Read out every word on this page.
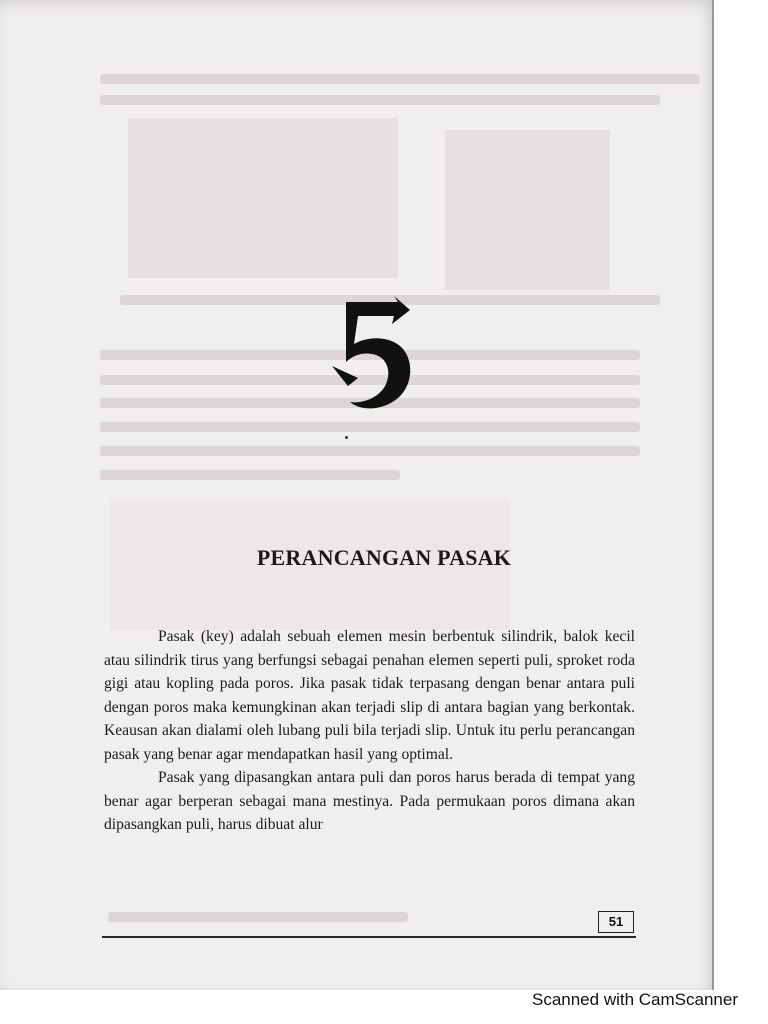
PERANCANGAN PASAK

Pasak (key) adalah sebuah elemen mesin berbentuk silindrik, balok kecil atau silindrik tirus yang berfungsi sebagai penahan elemen seperti puli, sproket roda gigi atau kopling pada poros. Jika pasak tidak terpasang dengan benar antara puli dengan poros maka kemungkinan akan terjadi slip di antara bagian yang berkontak. Keausan akan dialami oleh lubang puli bila terjadi slip. Untuk itu perlu perancangan pasak yang benar agar mendapatkan hasil yang optimal.

Pasak yang dipasangkan antara puli dan poros harus berada di tempat yang benar agar berperan sebagai mana mestinya. Pada permukaan poros dimana akan dipasangkan puli, harus dibuat alur

51
Scanned with CamScanner
